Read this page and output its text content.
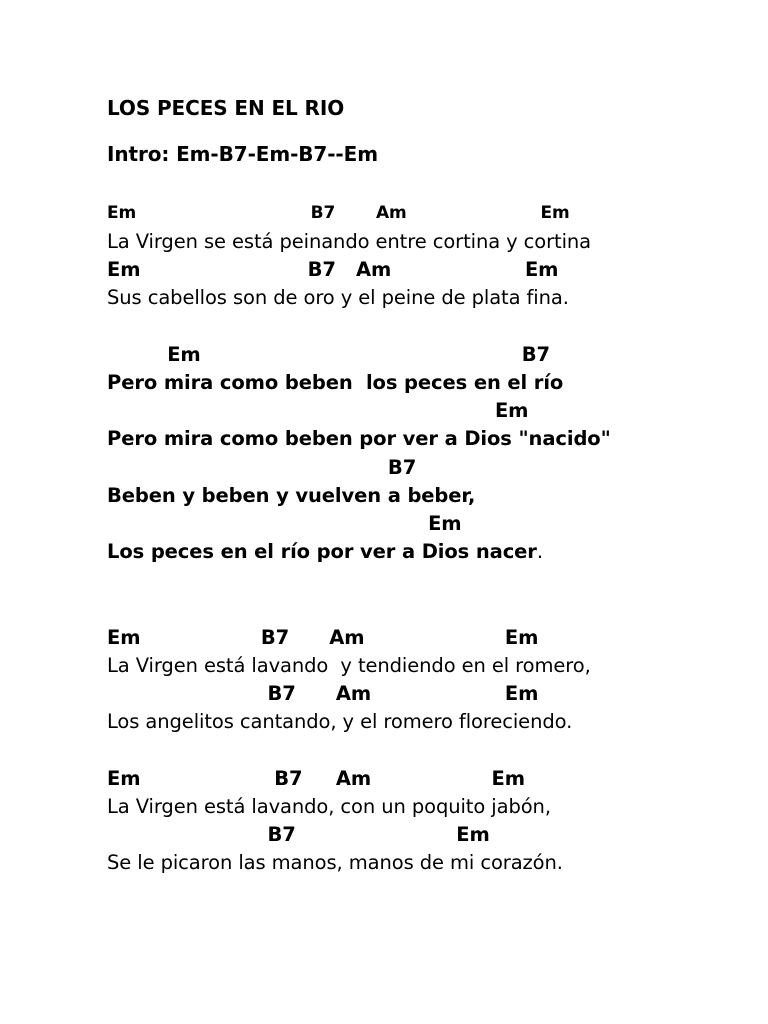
LOS PECES EN EL RIO
Intro: Em-B7-Em-B7--Em
Em                              B7       Am                       Em
La Virgen se está peinando entre cortina y cortina
Em                         B7   Am                    Em
Sus cabellos son de oro y el peine de plata fina.
Em                                                B7
Pero mira como beben  los peces en el río
Em
Pero mira como beben por ver a Dios "nacido"
B7
Beben y beben y vuelven a beber,
Em
Los peces en el río por ver a Dios nacer.
Em                  B7      Am                     Em
La Virgen está lavando  y tendiendo en el romero,
B7      Am                    Em
Los angelitos cantando, y el romero floreciendo.
Em                    B7     Am                  Em
La Virgen está lavando, con un poquito jabón,
B7                        Em
Se le picaron las manos, manos de mi corazón.
